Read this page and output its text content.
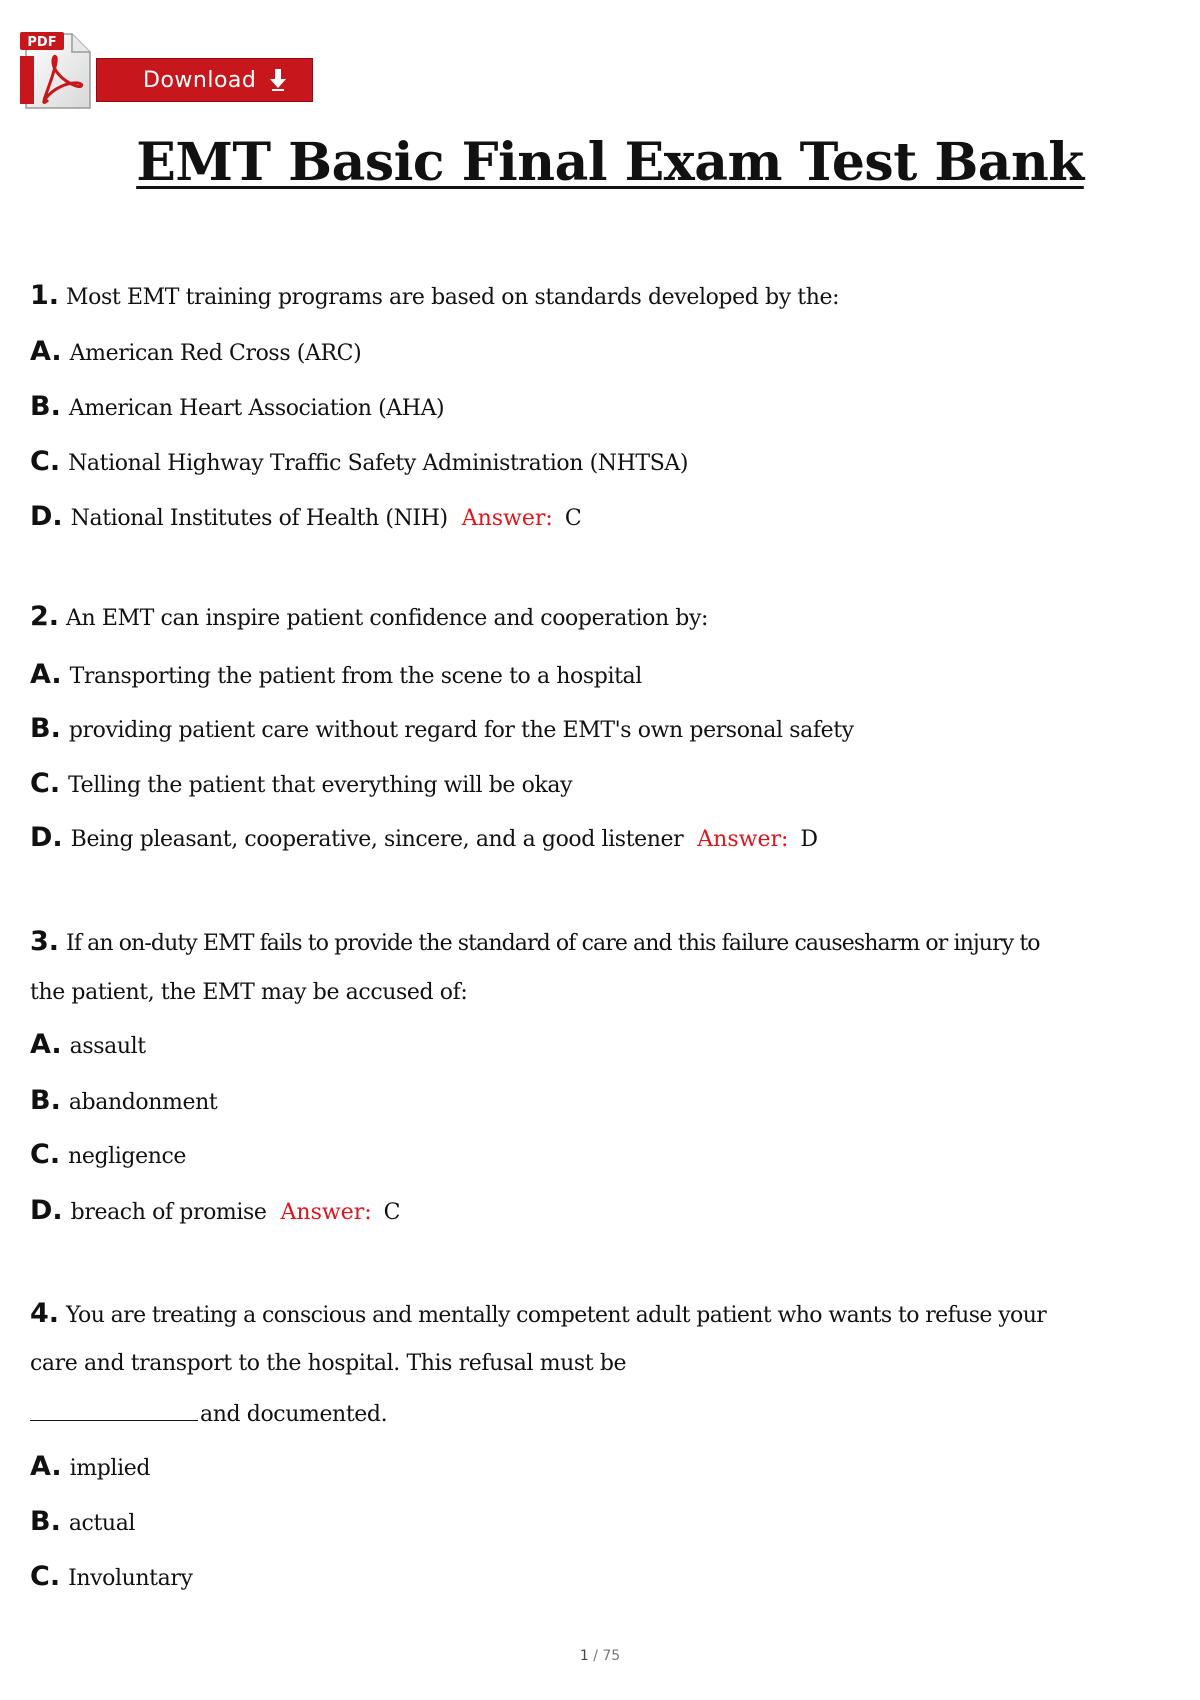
PDF
Download
EMT Basic Final Exam Test Bank
1. Most EMT training programs are based on standards developed by the:
A. American Red Cross (ARC)
B. American Heart Association (AHA)
C. National Highway Traffic Safety Administration (NHTSA)
D. National Institutes of Health (NIH) Answer: C
2. An EMT can inspire patient confidence and cooperation by:
A. Transporting the patient from the scene to a hospital
B. providing patient care without regard for the EMT's own personal safety
C. Telling the patient that everything will be okay
D. Being pleasant, cooperative, sincere, and a good listener Answer: D
3. If an on-duty EMT fails to provide the standard of care and this failure causesharm or injury to
the patient, the EMT may be accused of:
A. assault
B. abandonment
C. negligence
D. breach of promise Answer: C
4. You are treating a conscious and mentally competent adult patient who wants to refuse your
care and transport to the hospital. This refusal must be
and documented.
A. implied
B. actual
C. Involuntary
1 / 75
